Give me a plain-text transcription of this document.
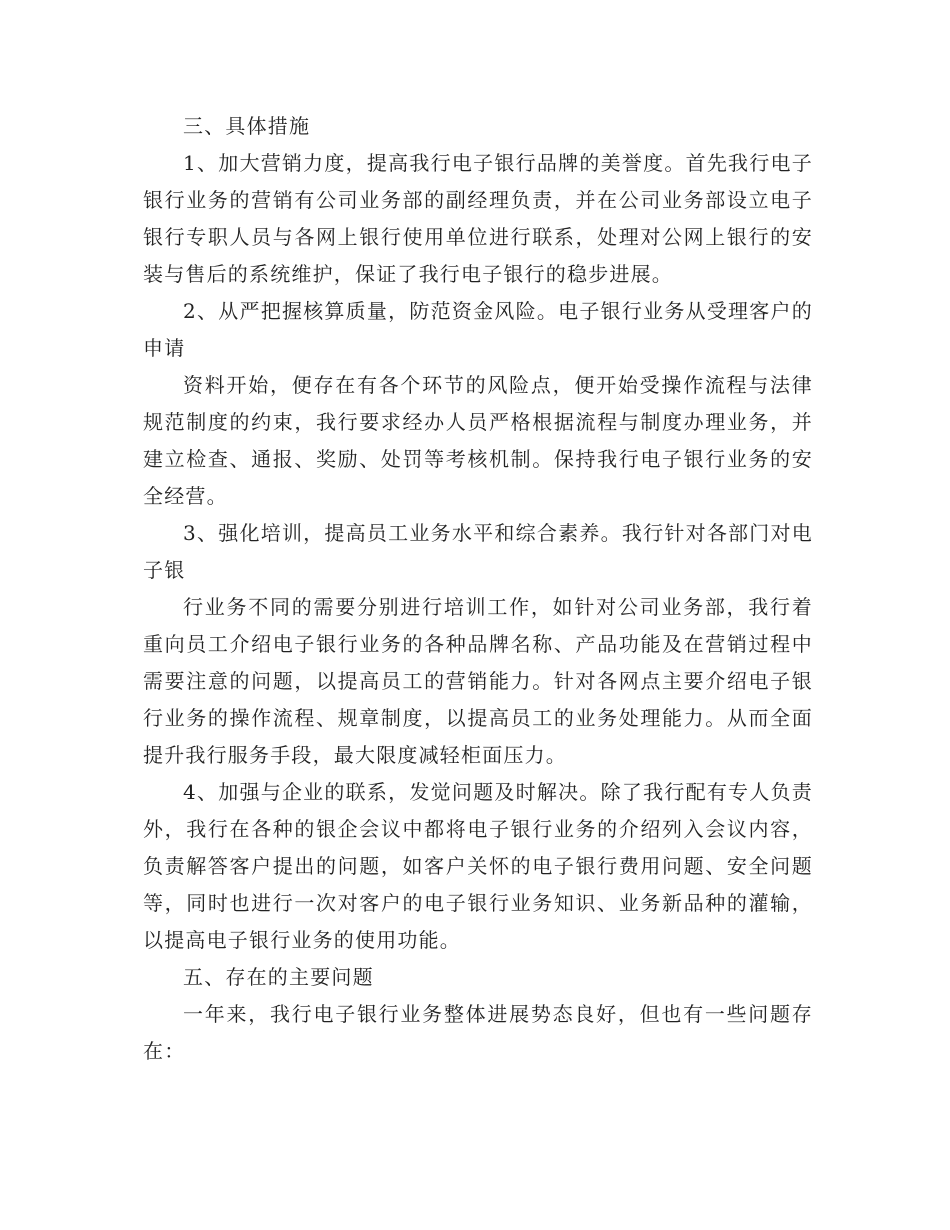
三、具体措施

1、加大营销力度，提高我行电子银行品牌的美誉度。首先我行电子银行业务的营销有公司业务部的副经理负责，并在公司业务部设立电子银行专职人员与各网上银行使用单位进行联系，处理对公网上银行的安装与售后的系统维护，保证了我行电子银行的稳步进展。

2、从严把握核算质量，防范资金风险。电子银行业务从受理客户的申请

资料开始，便存在有各个环节的风险点，便开始受操作流程与法律规范制度的约束，我行要求经办人员严格根据流程与制度办理业务，并建立检查、通报、奖励、处罚等考核机制。保持我行电子银行业务的安全经营。

3、强化培训，提高员工业务水平和综合素养。我行针对各部门对电子银

行业务不同的需要分别进行培训工作，如针对公司业务部，我行着重向员工介绍电子银行业务的各种品牌名称、产品功能及在营销过程中需要注意的问题，以提高员工的营销能力。针对各网点主要介绍电子银行业务的操作流程、规章制度，以提高员工的业务处理能力。从而全面提升我行服务手段，最大限度减轻柜面压力。

4、加强与企业的联系，发觉问题及时解决。除了我行配有专人负责外，我行在各种的银企会议中都将电子银行业务的介绍列入会议内容，负责解答客户提出的问题，如客户关怀的电子银行费用问题、安全问题等，同时也进行一次对客户的电子银行业务知识、业务新品种的灌输，以提高电子银行业务的使用功能。

五、存在的主要问题

一年来，我行电子银行业务整体进展势态良好，但也有一些问题存在：
